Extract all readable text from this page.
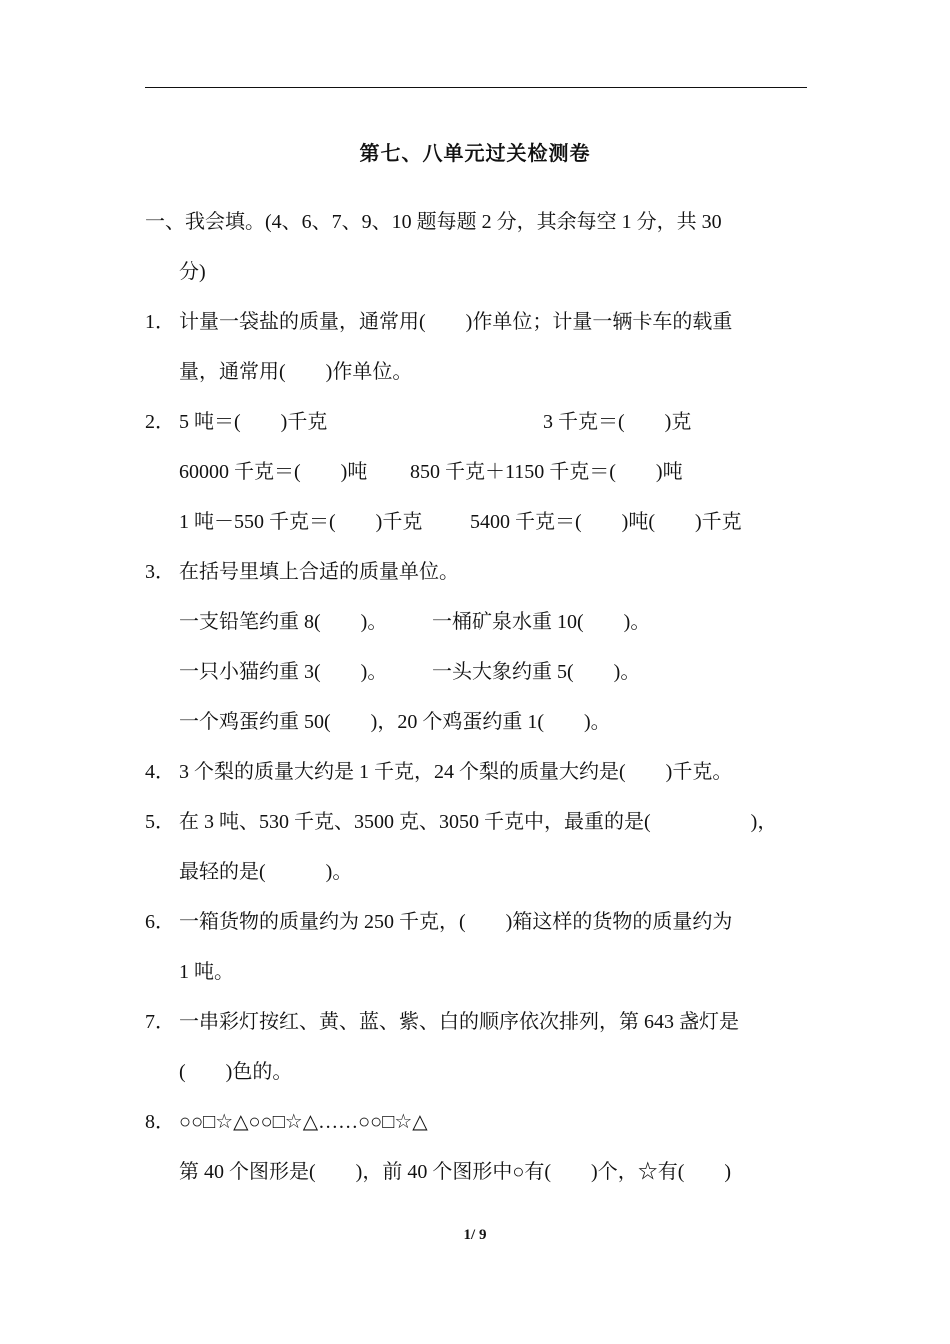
第七、八单元过关检测卷
一、我会填。(4、6、7、9、10 题每题 2 分，其余每空 1 分，共 30
分)
1． 计量一袋盐的质量，通常用(　　)作单位；计量一辆卡车的载重
量，通常用(　　)作单位。
2． 5 吨＝(　　)千克	3 千克＝(　　)克
60000 千克＝(　　)吨 850 千克＋1150 千克＝(　　)吨
1 吨－550 千克＝(　　)千克 5400 千克＝(　　)吨(　　)千克
3． 在括号里填上合适的质量单位。
一支铅笔约重 8(　　)。 一桶矿泉水重 10(　　)。
一只小猫约重 3(　　)。 一头大象约重 5(　　)。
一个鸡蛋约重 50(　　)，20 个鸡蛋约重 1(　　)。
4． 3 个梨的质量大约是 1 千克，24 个梨的质量大约是(　　)千克。
5． 在 3 吨、530 千克、3500 克、3050 千克中，最重的是(　　　　　)，
最轻的是(　　　)。
6． 一箱货物的质量约为 250 千克，(　　)箱这样的货物的质量约为
1 吨。
7． 一串彩灯按红、黄、蓝、紫、白的顺序依次排列，第 643 盏灯是
(　　)色的。
8． ○○□☆△○○□☆△……○○□☆△
第 40 个图形是(　　)，前 40 个图形中○有(　　)个，☆有(　　)
1/ 9
